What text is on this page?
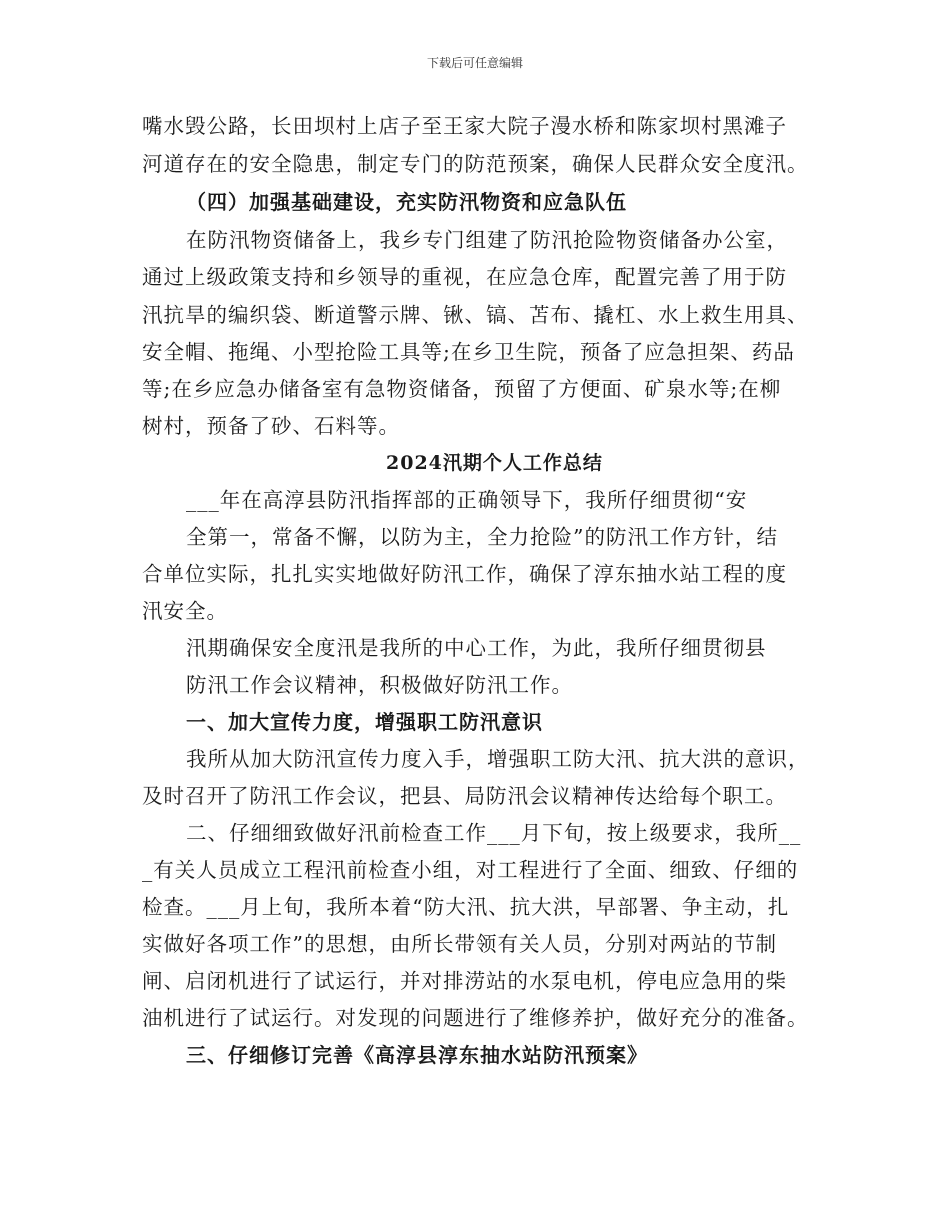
下载后可任意编辑
嘴水毁公路，长田坝村上店子至王家大院子漫水桥和陈家坝村黑滩子
河道存在的安全隐患，制定专门的防范预案，确保人民群众安全度汛。
（四）加强基础建设，充实防汛物资和应急队伍
在防汛物资储备上，我乡专门组建了防汛抢险物资储备办公室，
通过上级政策支持和乡领导的重视，在应急仓库，配置完善了用于防
汛抗旱的编织袋、断道警示牌、锹、镐、苫布、撬杠、水上救生用具、
安全帽、拖绳、小型抢险工具等;在乡卫生院，预备了应急担架、药品
等;在乡应急办储备室有急物资储备，预留了方便面、矿泉水等;在柳
树村，预备了砂、石料等。
2024汛期个人工作总结
___年在高淳县防汛指挥部的正确领导下，我所仔细贯彻“安
全第一，常备不懈，以防为主，全力抢险”的防汛工作方针，结
合单位实际，扎扎实实地做好防汛工作，确保了淳东抽水站工程的度
汛安全。
汛期确保安全度汛是我所的中心工作，为此，我所仔细贯彻县
防汛工作会议精神，积极做好防汛工作。
一、加大宣传力度，增强职工防汛意识
我所从加大防汛宣传力度入手，增强职工防大汛、抗大洪的意识，
及时召开了防汛工作会议，把县、局防汛会议精神传达给每个职工。
二、仔细细致做好汛前检查工作___月下旬，按上级要求，我所__
_有关人员成立工程汛前检查小组，对工程进行了全面、细致、仔细的
检查。___月上旬，我所本着“防大汛、抗大洪，早部署、争主动，扎
实做好各项工作”的思想，由所长带领有关人员，分别对两站的节制
闸、启闭机进行了试运行，并对排涝站的水泵电机，停电应急用的柴
油机进行了试运行。对发现的问题进行了维修养护，做好充分的准备。
三、仔细修订完善《高淳县淳东抽水站防汛预案》
